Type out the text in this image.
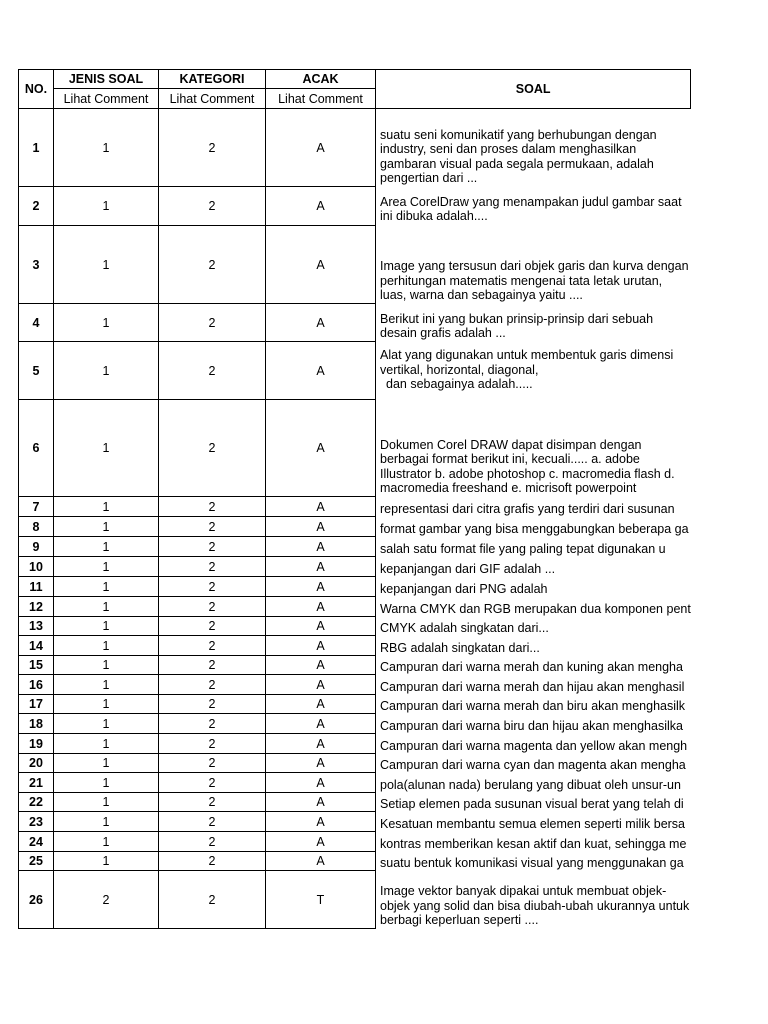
NO.	JENIS SOAL	KATEGORI	ACAK	SOAL
	Lihat Comment	Lihat Comment	Lihat Comment	
1	1	2	A	suatu seni komunikatif yang berhubungan dengan industry, seni dan proses dalam menghasilkan gambaran visual pada segala permukaan, adalah pengertian dari ...
2	1	2	A	Area CorelDraw yang menampakan judul gambar saat ini dibuka adalah....
3	1	2	A	Image yang tersusun dari objek garis dan kurva dengan perhitungan matematis mengenai tata letak urutan, luas, warna dan sebagainya yaitu ....
4	1	2	A	Berikut ini yang bukan prinsip-prinsip dari sebuah desain grafis adalah ...
5	1	2	A	Alat yang digunakan untuk membentuk garis dimensi
vertikal, horizontal, diagonal,
dan sebagainya adalah.....

6	1	2	A	Dokumen Corel DRAW dapat disimpan dengan berbagai format berikut ini, kecuali..... a. adobe Illustrator b. adobe photoshop c. macromedia flash d. macromedia freeshand e. micrisoft powerpoint
7	1	2	A	representasi dari citra grafis yang terdiri dari susunan
8	1	2	A	format gambar yang bisa menggabungkan beberapa ga
9	1	2	A	salah satu format file yang paling tepat digunakan u
10	1	2	A	kepanjangan dari GIF adalah ...
11	1	2	A	kepanjangan dari PNG adalah
12	1	2	A	Warna CMYK dan RGB merupakan dua komponen pent
13	1	2	A	CMYK adalah singkatan dari...
14	1	2	A	RBG adalah singkatan dari...
15	1	2	A	Campuran dari warna merah dan kuning akan mengha
16	1	2	A	Campuran dari warna merah dan hijau akan menghasil
17	1	2	A	Campuran dari warna merah dan biru akan menghasilk
18	1	2	A	Campuran dari warna biru dan hijau akan menghasilka
19	1	2	A	Campuran dari warna magenta dan yellow akan mengh
20	1	2	A	Campuran dari warna cyan dan magenta akan mengha
21	1	2	A	pola(alunan nada) berulang yang dibuat oleh unsur-un
22	1	2	A	Setiap elemen pada susunan visual berat yang telah di
23	1	2	A	Kesatuan membantu semua elemen seperti milik bersa
24	1	2	A	kontras memberikan kesan aktif dan kuat, sehingga me
25	1	2	A	suatu bentuk komunikasi visual yang menggunakan ga
26	2	2	T	Image vektor banyak dipakai untuk membuat objek-objek yang solid dan bisa diubah-ubah ukurannya untuk berbagi keperluan seperti ....
